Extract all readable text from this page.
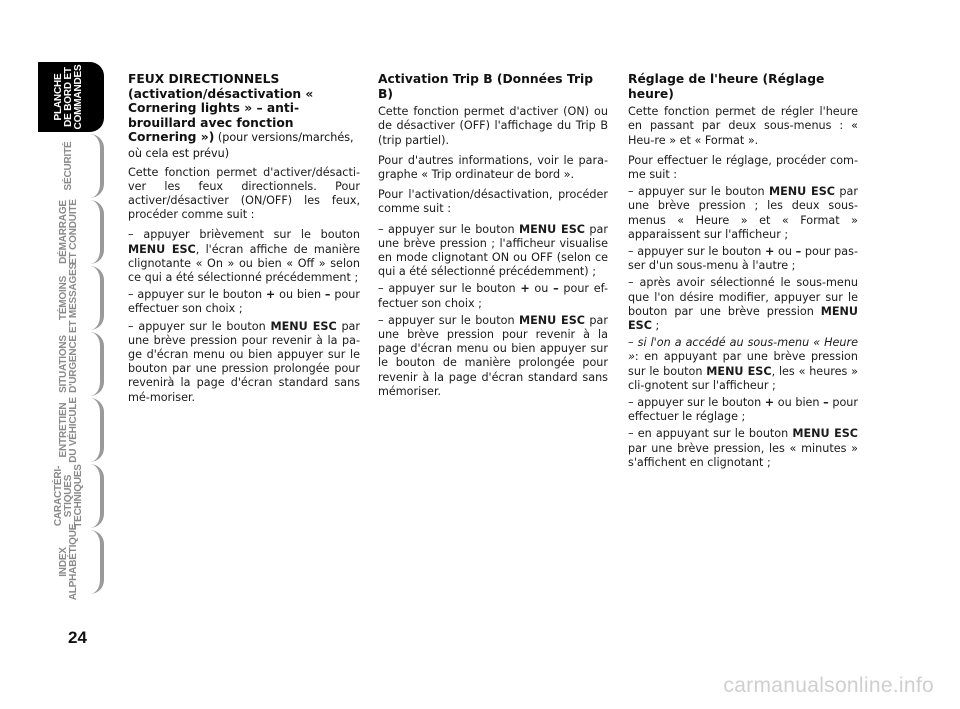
PLANCHE
DE BORD ET
COMMANDES
SÉCURITÉ
DÉMARRAGE
ET CONDUITE
TÉMOINS
ET MESSAGES
SITUATIONS
D'URGENCE
ENTRETIEN
DU VÉHICULE
CARACTÉRI-
STIQUES
TECHNIQUES
INDEX
ALPHABÉTIQUE
24

FEUX DIRECTIONNELS (activation/désactivation « Cornering lights » – anti-brouillard avec fonction Cornering ») (pour versions/marchés, où cela est prévu)

Cette fonction permet d'activer/désacti-ver les feux directionnels. Pour activer/désactiver (ON/OFF) les feux, procéder comme suit :

– appuyer brièvement sur le bouton MENU ESC, l'écran affiche de manière clignotante « On » ou bien « Off » selon ce qui a été sélectionné précédemment ;

– appuyer sur le bouton + ou bien – pour effectuer son choix ;

– appuyer sur le bouton MENU ESC par une brève pression pour revenir à la pa-ge d'écran menu ou bien appuyer sur le bouton par une pression prolongée pour revenirà la page d'écran standard sans mé-moriser.

Activation Trip B (Données Trip B)

Cette fonction permet d'activer (ON) ou de désactiver (OFF) l'affichage du Trip B (trip partiel).

Pour d'autres informations, voir le para-graphe « Trip ordinateur de bord ».

Pour l'activation/désactivation, procéder comme suit :

– appuyer sur le bouton MENU ESC par une brève pression ; l'afficheur visualise en mode clignotant ON ou OFF (selon ce qui a été sélectionné précédemment) ;

– appuyer sur le bouton + ou – pour ef-fectuer son choix ;

– appuyer sur le bouton MENU ESC par une brève pression pour revenir à la page d'écran menu ou bien appuyer sur le bouton de manière prolongée pour revenir à la page d'écran standard sans mémoriser.

Réglage de l'heure (Réglage heure)

Cette fonction permet de régler l'heure en passant par deux sous-menus : « Heu-re » et « Format ».

Pour effectuer le réglage, procéder com-me suit :

– appuyer sur le bouton MENU ESC par une brève pression ; les deux sous-menus « Heure » et « Format » apparaissent sur l'afficheur ;

– appuyer sur le bouton + ou – pour pas-ser d'un sous-menu à l'autre ;

– après avoir sélectionné le sous-menu que l'on désire modifier, appuyer sur le bouton par une brève pression MENU ESC ;

– si l'on a accédé au sous-menu « Heure »: en appuyant par une brève pression sur le bouton MENU ESC, les « heures » cli-gnotent sur l'afficheur ;

– appuyer sur le bouton + ou bien – pour effectuer le réglage ;

– en appuyant sur le bouton MENU ESC par une brève pression, les « minutes » s'affichent en clignotant ;

carmanualsonline.info
